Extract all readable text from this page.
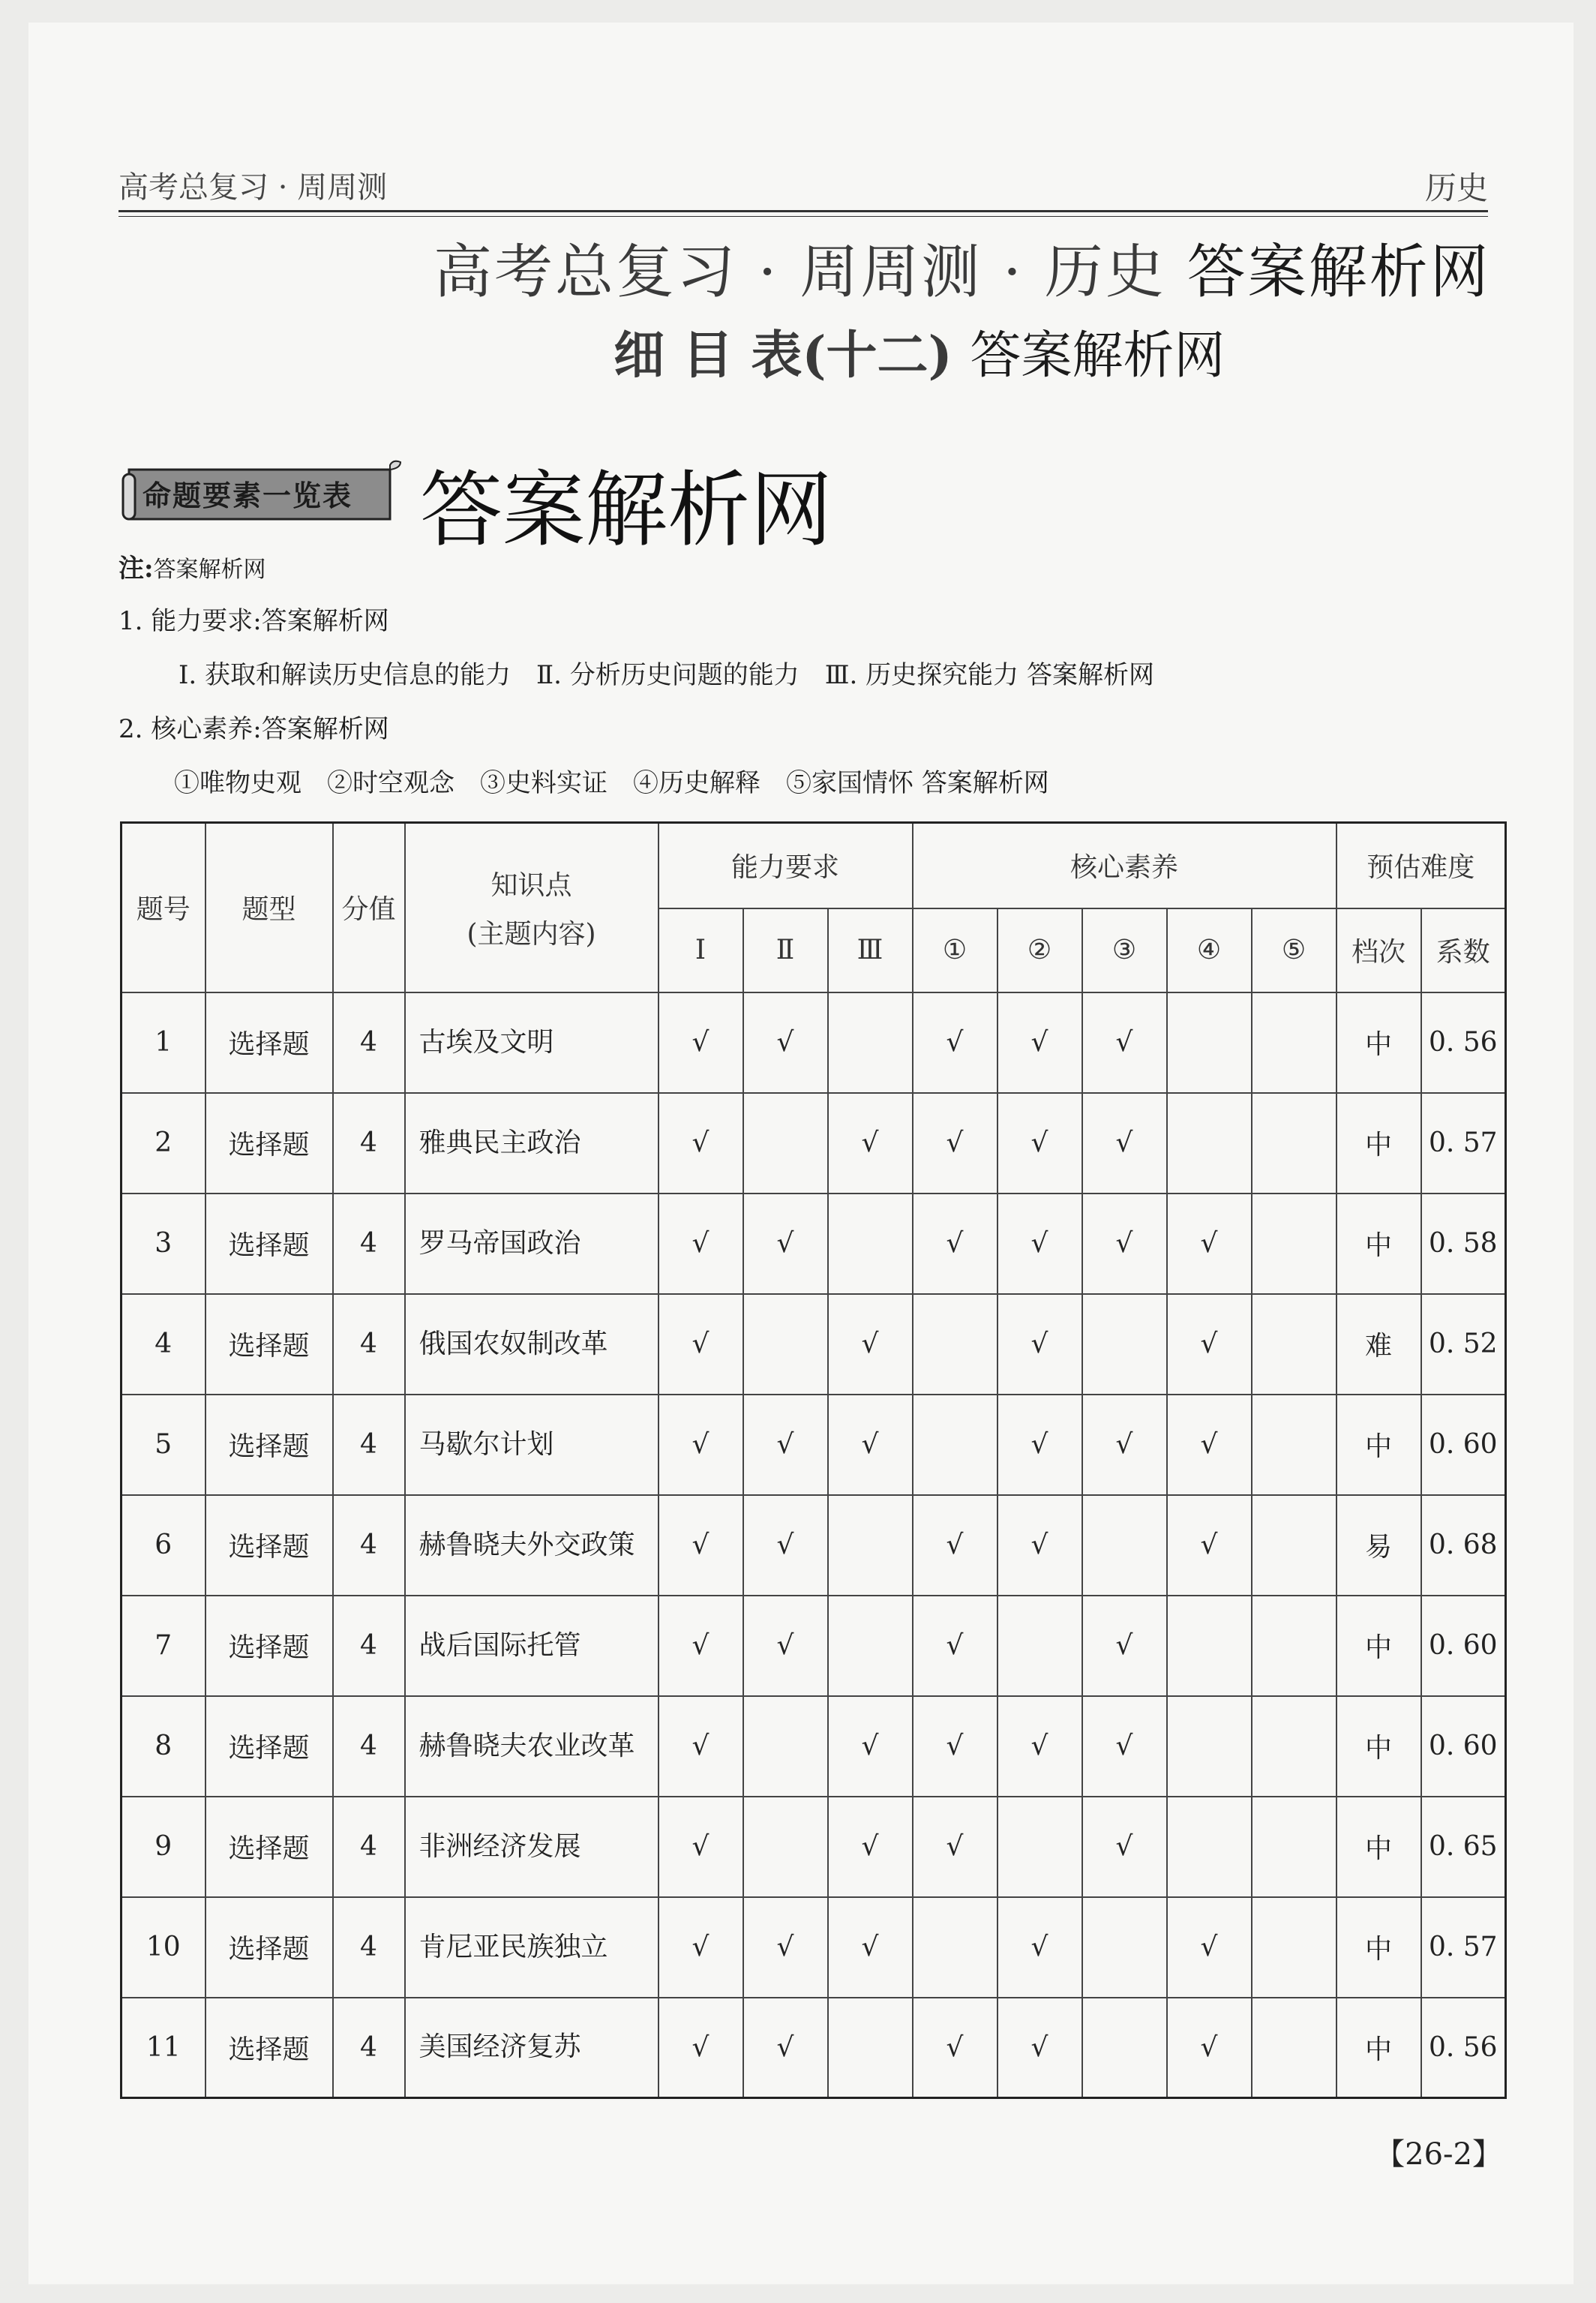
高考总复习 · 周周测	历史
高考总复习 · 周周测 · 历史 答案解析网
细 目 表(十二) 答案解析网
命题要素一览表 答案解析网
注:答案解析网
1. 能力要求:答案解析网
Ⅰ. 获取和解读历史信息的能力　Ⅱ. 分析历史问题的能力　Ⅲ. 历史探究能力 答案解析网
2. 核心素养:答案解析网
①唯物史观　②时空观念　③史料实证　④历史解释　⑤家国情怀 答案解析网
题号	题型	分值	知识点
(主题内容)	能力要求			核心素养					预估难度	
				Ⅰ	Ⅱ	Ⅲ	①	②	③	④	⑤	档次	系数
1	选择题	4	古埃及文明	√	√		√	√	√			中	0. 56
2	选择题	4	雅典民主政治	√		√	√	√	√			中	0. 57
3	选择题	4	罗马帝国政治	√	√		√	√	√	√		中	0. 58
4	选择题	4	俄国农奴制改革	√		√		√		√		难	0. 52
5	选择题	4	马歇尔计划	√	√	√		√	√	√		中	0. 60
6	选择题	4	赫鲁晓夫外交政策	√	√		√	√		√		易	0. 68
7	选择题	4	战后国际托管	√	√		√		√			中	0. 60
8	选择题	4	赫鲁晓夫农业改革	√		√	√	√	√			中	0. 60
9	选择题	4	非洲经济发展	√		√	√		√			中	0. 65
10	选择题	4	肯尼亚民族独立	√	√	√		√		√		中	0. 57
11	选择题	4	美国经济复苏	√	√		√	√		√		中	0. 56
【26-2】
